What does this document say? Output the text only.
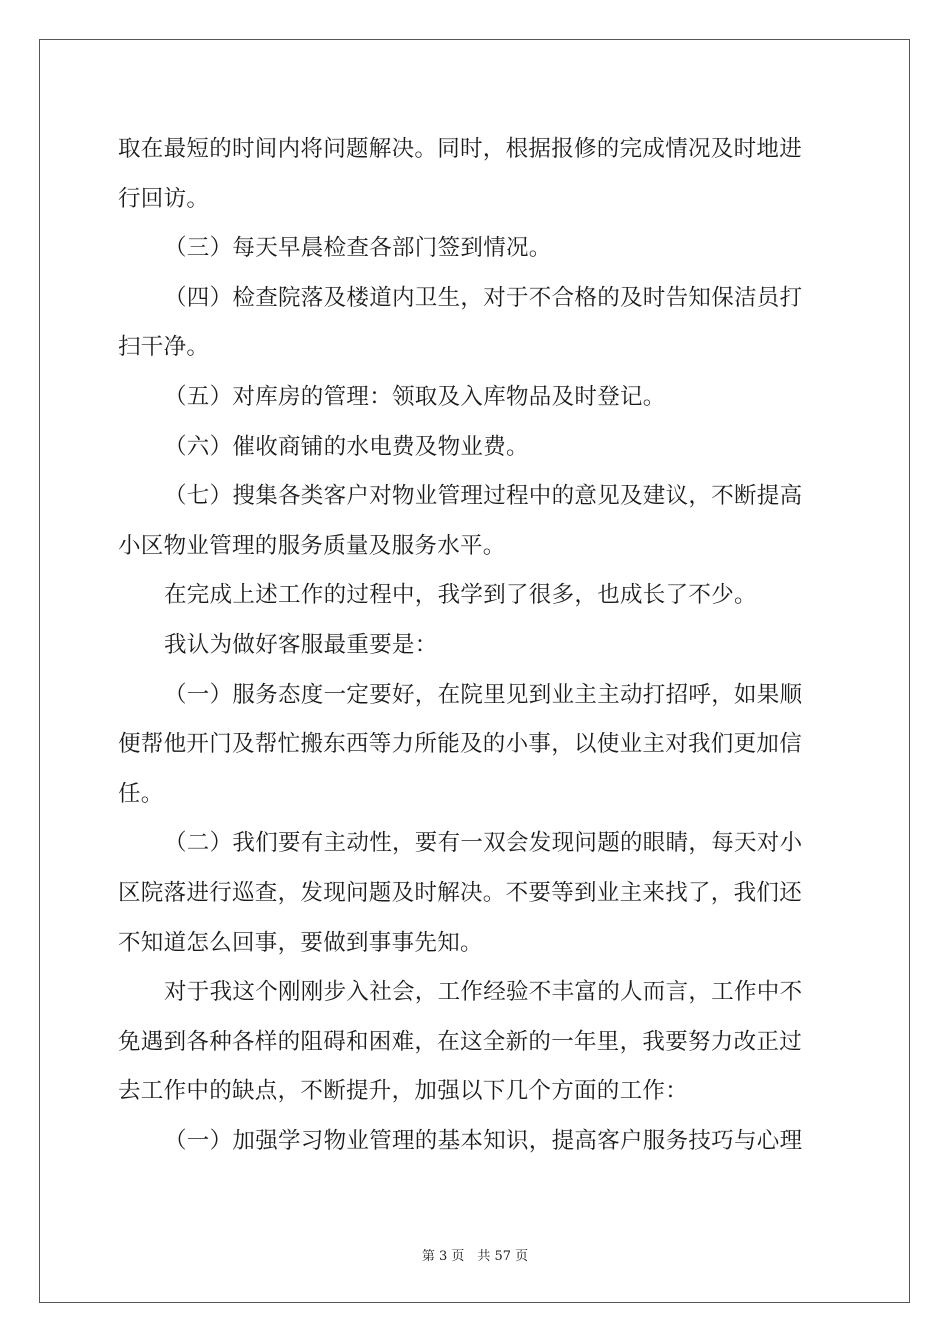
取在最短的时间内将问题解决。同时，根据报修的完成情况及时地进
行回访。
（三）每天早晨检查各部门签到情况。
（四）检查院落及楼道内卫生，对于不合格的及时告知保洁员打
扫干净。
（五）对库房的管理：领取及入库物品及时登记。
（六）催收商铺的水电费及物业费。
（七）搜集各类客户对物业管理过程中的意见及建议，不断提高
小区物业管理的服务质量及服务水平。
在完成上述工作的过程中，我学到了很多，也成长了不少。
我认为做好客服最重要是：
（一）服务态度一定要好，在院里见到业主主动打招呼，如果顺
便帮他开门及帮忙搬东西等力所能及的小事，以使业主对我们更加信
任。
（二）我们要有主动性，要有一双会发现问题的眼睛，每天对小
区院落进行巡查，发现问题及时解决。不要等到业主来找了，我们还
不知道怎么回事，要做到事事先知。
对于我这个刚刚步入社会，工作经验不丰富的人而言，工作中不
免遇到各种各样的阻碍和困难，在这全新的一年里，我要努力改正过
去工作中的缺点，不断提升，加强以下几个方面的工作：
（一）加强学习物业管理的基本知识，提高客户服务技巧与心理
第 3 页　共 57 页
